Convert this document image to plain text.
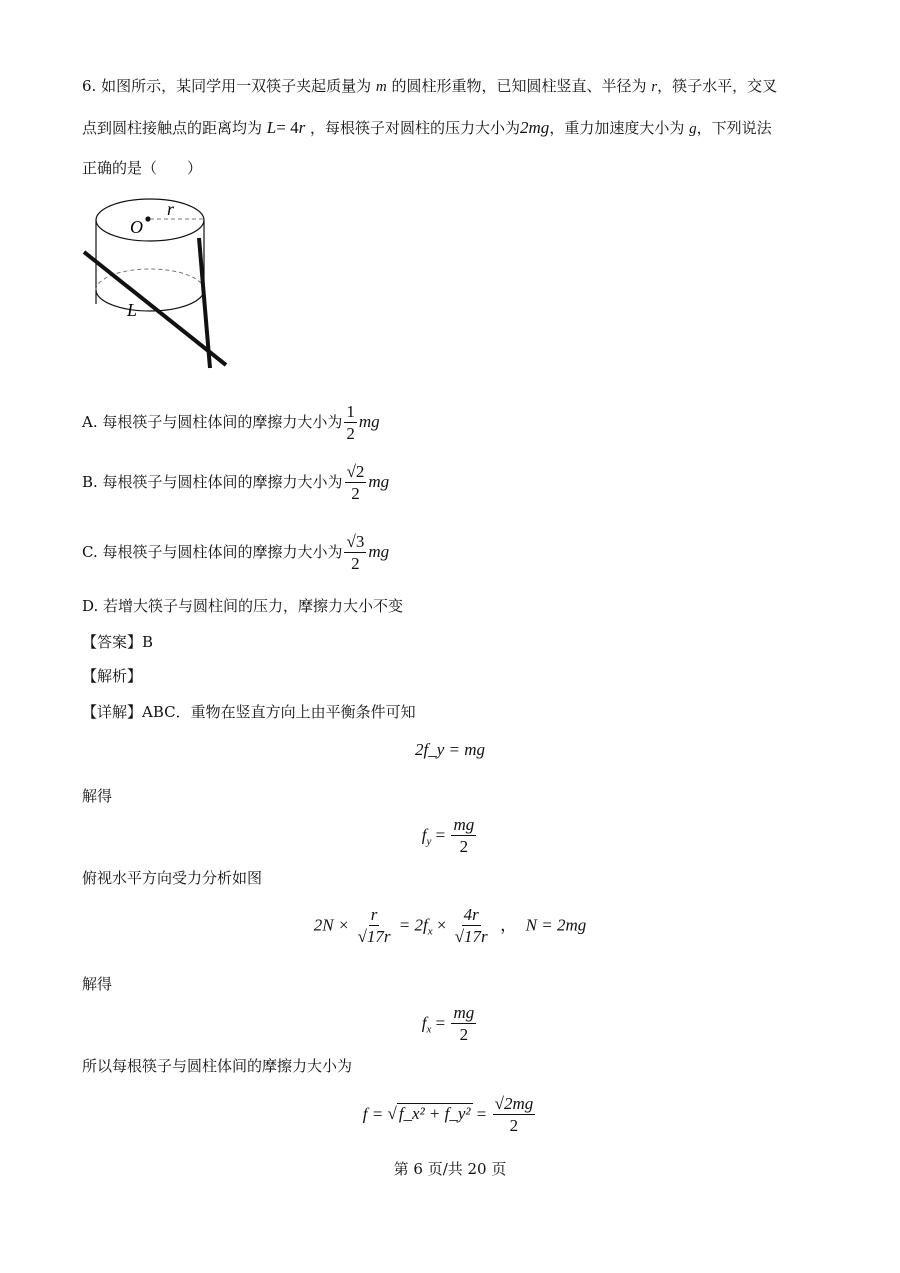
6. 如图所示，某同学用一双筷子夹起质量为 m 的圆柱形重物，已知圆柱竖直、半径为 r，筷子水平，交叉
点到圆柱接触点的距离均为 L= 4r ，每根筷子对圆柱的压力大小为2mg，重力加速度大小为 g，下列说法
正确的是（　　）
O
r
L
A. 每根筷子与圆柱体间的摩擦力大小为 $\frac{1}{2}$ mg
B. 每根筷子与圆柱体间的摩擦力大小为 $\frac{√2}{2}$ mg
C. 每根筷子与圆柱体间的摩擦力大小为 $\frac{√3}{2}$ mg
D. 若增大筷子与圆柱间的压力，摩擦力大小不变
【答案】B
【解析】
【详解】ABC．重物在竖直方向上由平衡条件可知
2f_y = mg
解得
$f_y = \frac{mg}{2}$
俯视水平方向受力分析如图
$2N \times \frac{r}{√17r} = 2f_x \times \frac{4r}{√17r}$ ， N = 2mg
解得
$f_x = \frac{mg}{2}$
所以每根筷子与圆柱体间的摩擦力大小为
f = √ f_x² + f_y² = $\frac{√2mg}{2}$
第 6 页/共 20 页
